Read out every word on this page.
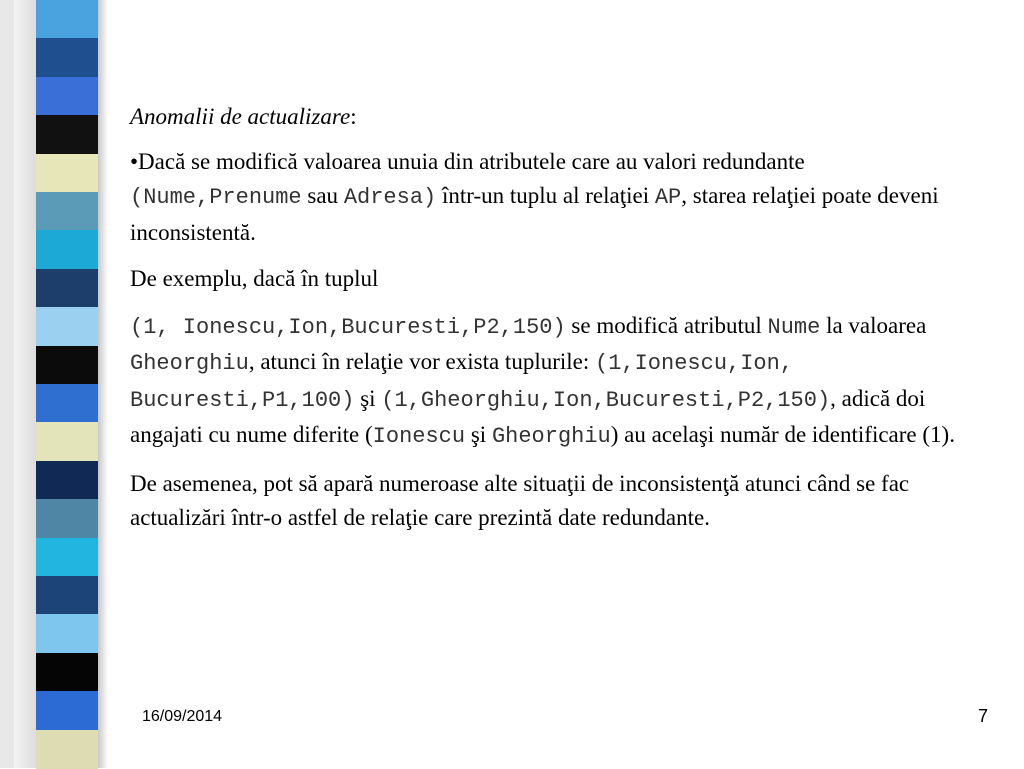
Anomalii de actualizare:

•Dacă se modifică valoarea unuia din atributele care au valori redundante (Nume,Prenume sau Adresa) într-un tuplu al relaţiei AP, starea relaţiei poate deveni inconsistentă.

De exemplu, dacă în tuplul

(1, Ionescu,Ion,Bucuresti,P2,150) se modifică atributul Nume la valoarea Gheorghiu, atunci în relaţie vor exista tuplurile: (1,Ionescu,Ion, Bucuresti,P1,100) şi (1,Gheorghiu,Ion,Bucuresti,P2,150), adică doi angajati cu nume diferite (Ionescu şi Gheorghiu) au acelaşi număr de identificare (1).

De asemenea, pot să apară numeroase alte situaţii de inconsistenţă atunci când se fac actualizări într-o astfel de relaţie care prezintă date redundante.

16/09/2014	7
